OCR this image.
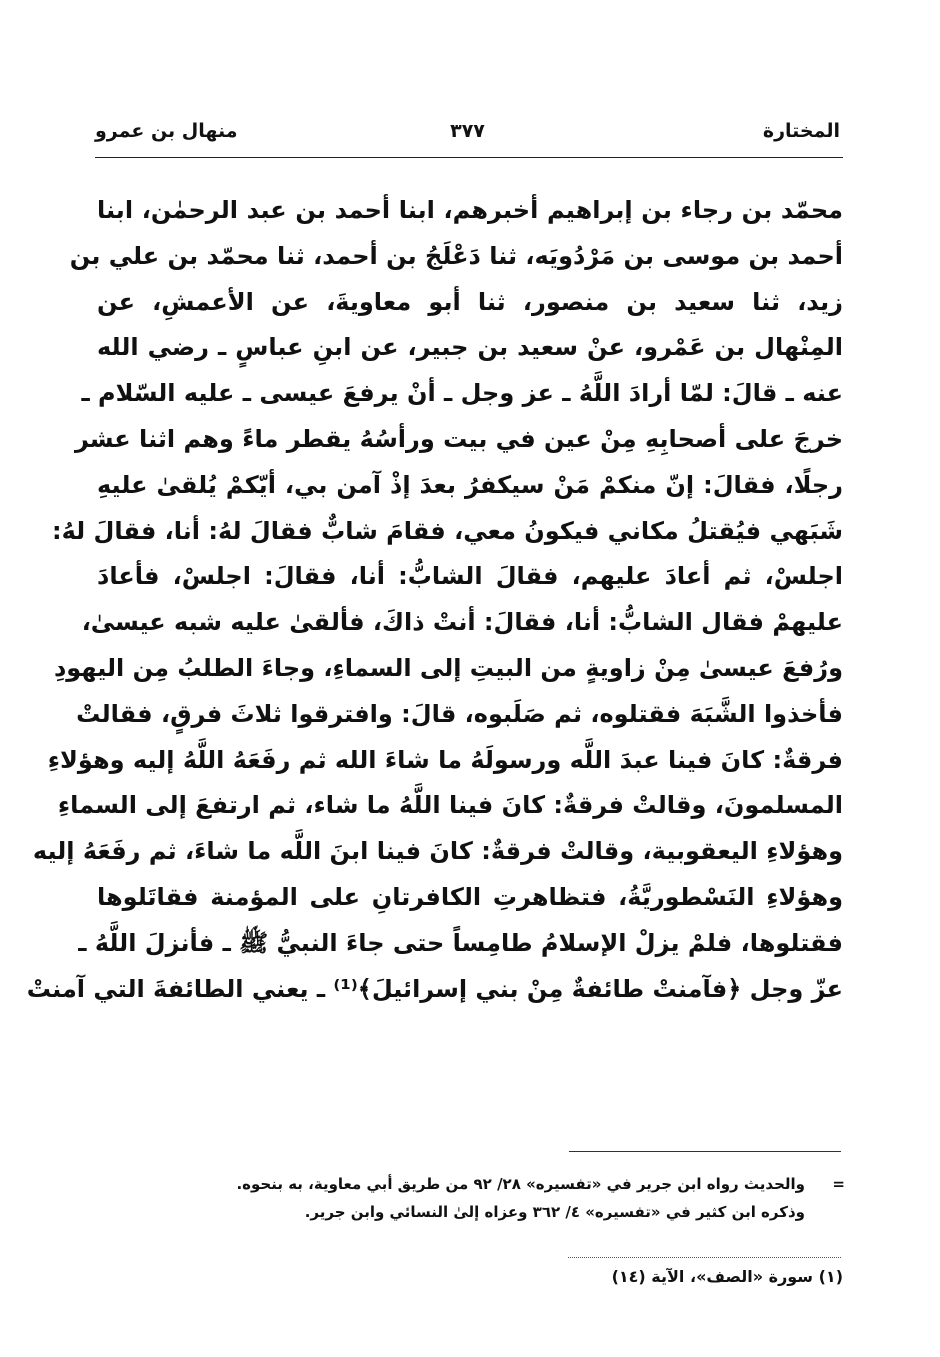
المختارة
٣٧٧
منهال بن عمرو
محمّد بن رجاء بن إبراهيم أخبرهم، ابنا أحمد بن عبد الرحمٰن، ابنا
أحمد بن موسى بن مَرْدُويَه، ثنا دَعْلَجُ بن أحمد، ثنا محمّد بن علي بن
زيد، ثنا سعيد بن منصور، ثنا أبو معاويةَ، عن الأعمشِ، عن
المِنْهال بن عَمْرو، عنْ سعيد بن جبير، عن ابنِ عباسٍ ـ رضي الله
عنه ـ قالَ: لمّا أرادَ اللَّهُ ـ عز وجل ـ أنْ يرفعَ عيسى ـ عليه السّلام ـ
خرجَ على أصحابِهِ مِنْ عين في بيت ورأسُهُ يقطر ماءً وهم اثنا عشر
رجلًا، فقالَ: إنّ منكمْ مَنْ سيكفرُ بعدَ إذْ آمن بي، أيّكمْ يُلقىٰ عليهِ
شَبَهي فيُقتلُ مكاني فيكونُ معي، فقامَ شابٌّ فقالَ لهُ: أنا، فقالَ لهُ:
اجلسْ، ثم أعادَ عليهم، فقالَ الشابُّ: أنا، فقالَ: اجلسْ، فأعادَ
عليهمْ فقال الشابُّ: أنا، فقالَ: أنتْ ذاكَ، فألقىٰ عليه شبه عيسىٰ،
ورُفعَ عيسىٰ مِنْ زاويةٍ من البيتِ إلى السماءِ، وجاءَ الطلبُ مِن اليهودِ
فأخذوا الشَّبَهَ فقتلوه، ثم صَلَبوه، قالَ: وافترقوا ثلاثَ فرقٍ، فقالتْ
فرقةٌ: كانَ فينا عبدَ اللَّه ورسولَهُ ما شاءَ الله ثم رفَعَهُ اللَّهُ إليه وهؤلاءِ
المسلمونَ، وقالتْ فرقةٌ: كانَ فينا اللَّهُ ما شاء، ثم ارتفعَ إلى السماءِ
وهؤلاءِ اليعقوبية، وقالتْ فرقةٌ: كانَ فينا ابنَ اللَّه ما شاءَ، ثم رفَعَهُ إليه
وهؤلاءِ النَسْطوريَّةُ، فتظاهرتِ الكافرتانِ على المؤمنة فقاتَلوها
فقتلوها، فلمْ يزلْ الإسلامُ طامِساً حتى جاءَ النبيُّ ﷺ ـ فأنزلَ اللَّهُ ـ
عزّ وجل ﴿فآمنتْ طائفةٌ مِنْ بني إسرائيلَ﴾⁽¹⁾ ـ يعني الطائفةَ التي آمنتْ
=
والحديث رواه ابن جرير في «تفسيره» ٢٨/ ٩٢ من طريق أبي معاوية، به بنحوه.
وذكره ابن كثير في «تفسيره» ٤/ ٣٦٢ وعزاه إلىٰ النسائي وابن جرير.
(١) سورة «الصف»، الآية (١٤)
